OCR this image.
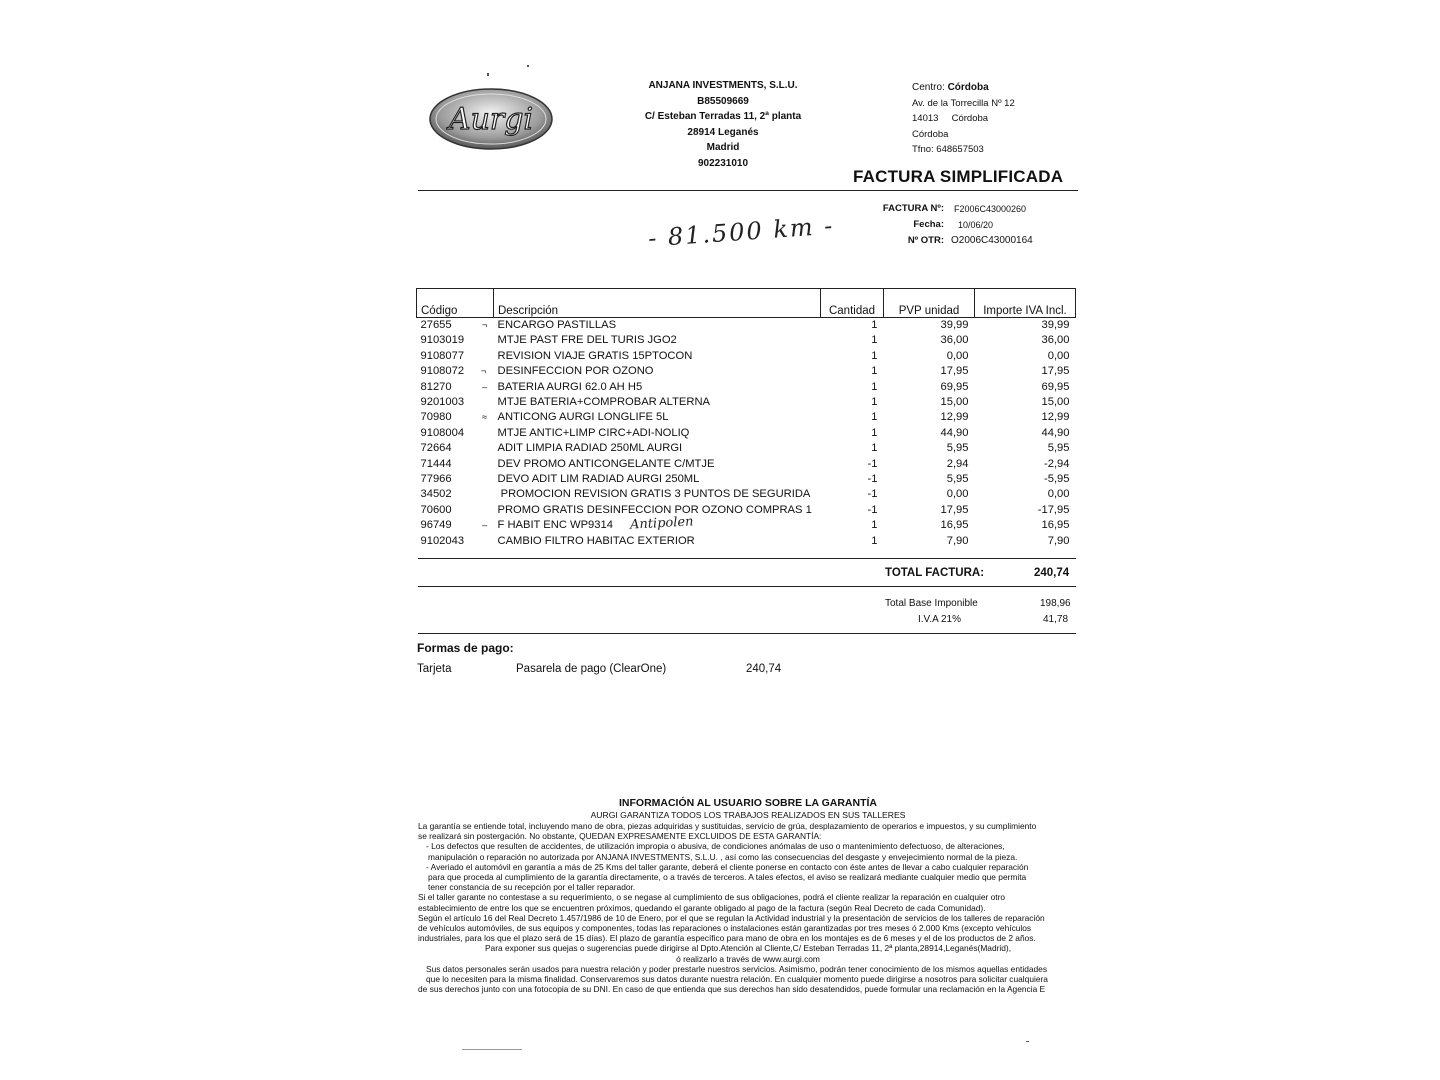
Aurgi
ANJANA INVESTMENTS, S.L.U.
B85509669
C/ Esteban Terradas 11, 2ª planta
28914 Leganés
Madrid
902231010
Centro: Córdoba
Av. de la Torrecilla Nº 12
14013 Córdoba
Córdoba
Tfno: 648657503
FACTURA SIMPLIFICADA
FACTURA Nº: F2006C43000260
Fecha: 10/06/20
Nº OTR: O2006C43000164
- 81.500 km -
Antipolen
Código	Descripción	Cantidad	PVP unidad	Importe IVA Incl.
27655 ¬	ENCARGO PASTILLAS	1	39,99	39,99
9103019	MTJE PAST FRE DEL TURIS JGO2	1	36,00	36,00
9108077	REVISION VIAJE GRATIS 15PTOCON	1	0,00	0,00
9108072 ¬	DESINFECCION POR OZONO	1	17,95	17,95
81270 –	BATERIA AURGI 62.0 AH H5	1	69,95	69,95
9201003	MTJE BATERIA+COMPROBAR ALTERNA	1	15,00	15,00
70980 ≈	ANTICONG AURGI LONGLIFE 5L	1	12,99	12,99
9108004	MTJE ANTIC+LIMP CIRC+ADI-NOLIQ	1	44,90	44,90
72664	ADIT LIMPIA RADIAD 250ML AURGI	1	5,95	5,95
71444	DEV PROMO ANTICONGELANTE C/MTJE	-1	2,94	-2,94
77966	DEVO ADIT LIM RADIAD AURGI 250ML	-1	5,95	-5,95
34502	PROMOCION REVISION GRATIS 3 PUNTOS DE SEGURIDA	-1	0,00	0,00
70600	PROMO GRATIS DESINFECCION POR OZONO COMPRAS 1	-1	17,95	-17,95
96749 –	F HABIT ENC WP9314	1	16,95	16,95
9102043	CAMBIO FILTRO HABITAC EXTERIOR	1	7,90	7,90
TOTAL FACTURA:	240,74
Total Base Imponible	198,96
I.V.A 21%	41,78
Formas de pago:
Tarjeta	Pasarela de pago (ClearOne)	240,74
INFORMACIÓN AL USUARIO SOBRE LA GARANTÍA
AURGI GARANTIZA TODOS LOS TRABAJOS REALIZADOS EN SUS TALLERES

La garantía se entiende total, incluyendo mano de obra, piezas adquiridas y sustituidas, servicio de grúa, desplazamiento de operarios e impuestos, y su cumplimiento

se realizará sin postergación. No obstante, QUEDAN EXPRESAMENTE EXCLUIDOS DE ESTA GARANTÍA:

- Los defectos que resulten de accidentes, de utilización impropia o abusiva, de condiciones anómalas de uso o mantenimiento defectuoso, de alteraciones,

manipulación o reparación no autorizada por ANJANA INVESTMENTS, S.L.U. , así como las consecuencias del desgaste y envejecimiento normal de la pieza.

- Averiado el automóvil en garantía a más de 25 Kms del taller garante, deberá el cliente ponerse en contacto con éste antes de llevar a cabo cualquier reparación

para que proceda al cumplimiento de la garantía directamente, o a través de terceros. A tales efectos, el aviso se realizará mediante cualquier medio que permita

tener constancia de su recepción por el taller reparador.

Si el taller garante no contestase a su requerimiento, o se negase al cumplimiento de sus obligaciones, podrá el cliente realizar la reparación en cualquier otro

establecimiento de entre los que se encuentren próximos, quedando el garante obligado al pago de la factura (según Real Decreto de cada Comunidad).

Según el artículo 16 del Real Decreto 1.457/1986 de 10 de Enero, por el que se regulan la Actividad industrial y la presentación de servicios de los talleres de reparación

de vehículos automóviles, de sus equipos y componentes, todas las reparaciones o instalaciones están garantizadas por tres meses ó 2.000 Kms (excepto vehículos

industriales, para los que el plazo será de 15 días). El plazo de garantía específico para mano de obra en los montajes es de 6 meses y el de los productos de 2 años.

Para exponer sus quejas o sugerencias puede dirigirse al Dpto.Atención al Cliente,C/ Esteban Terradas 11, 2ª planta,28914,Leganés(Madrid),

ó realizarlo a través de www.aurgi.com

Sus datos personales serán usados para nuestra relación y poder prestarle nuestros servicios. Asimismo, podrán tener conocimiento de los mismos aquellas entidades

que lo necesiten para la misma finalidad. Conservaremos sus datos durante nuestra relación. En cualquier momento puede dirigirse a nosotros para solicitar cualquiera

de sus derechos junto con una fotocopia de su DNI. En caso de que entienda que sus derechos han sido desatendidos, puede formular una reclamación en la Agencia E
